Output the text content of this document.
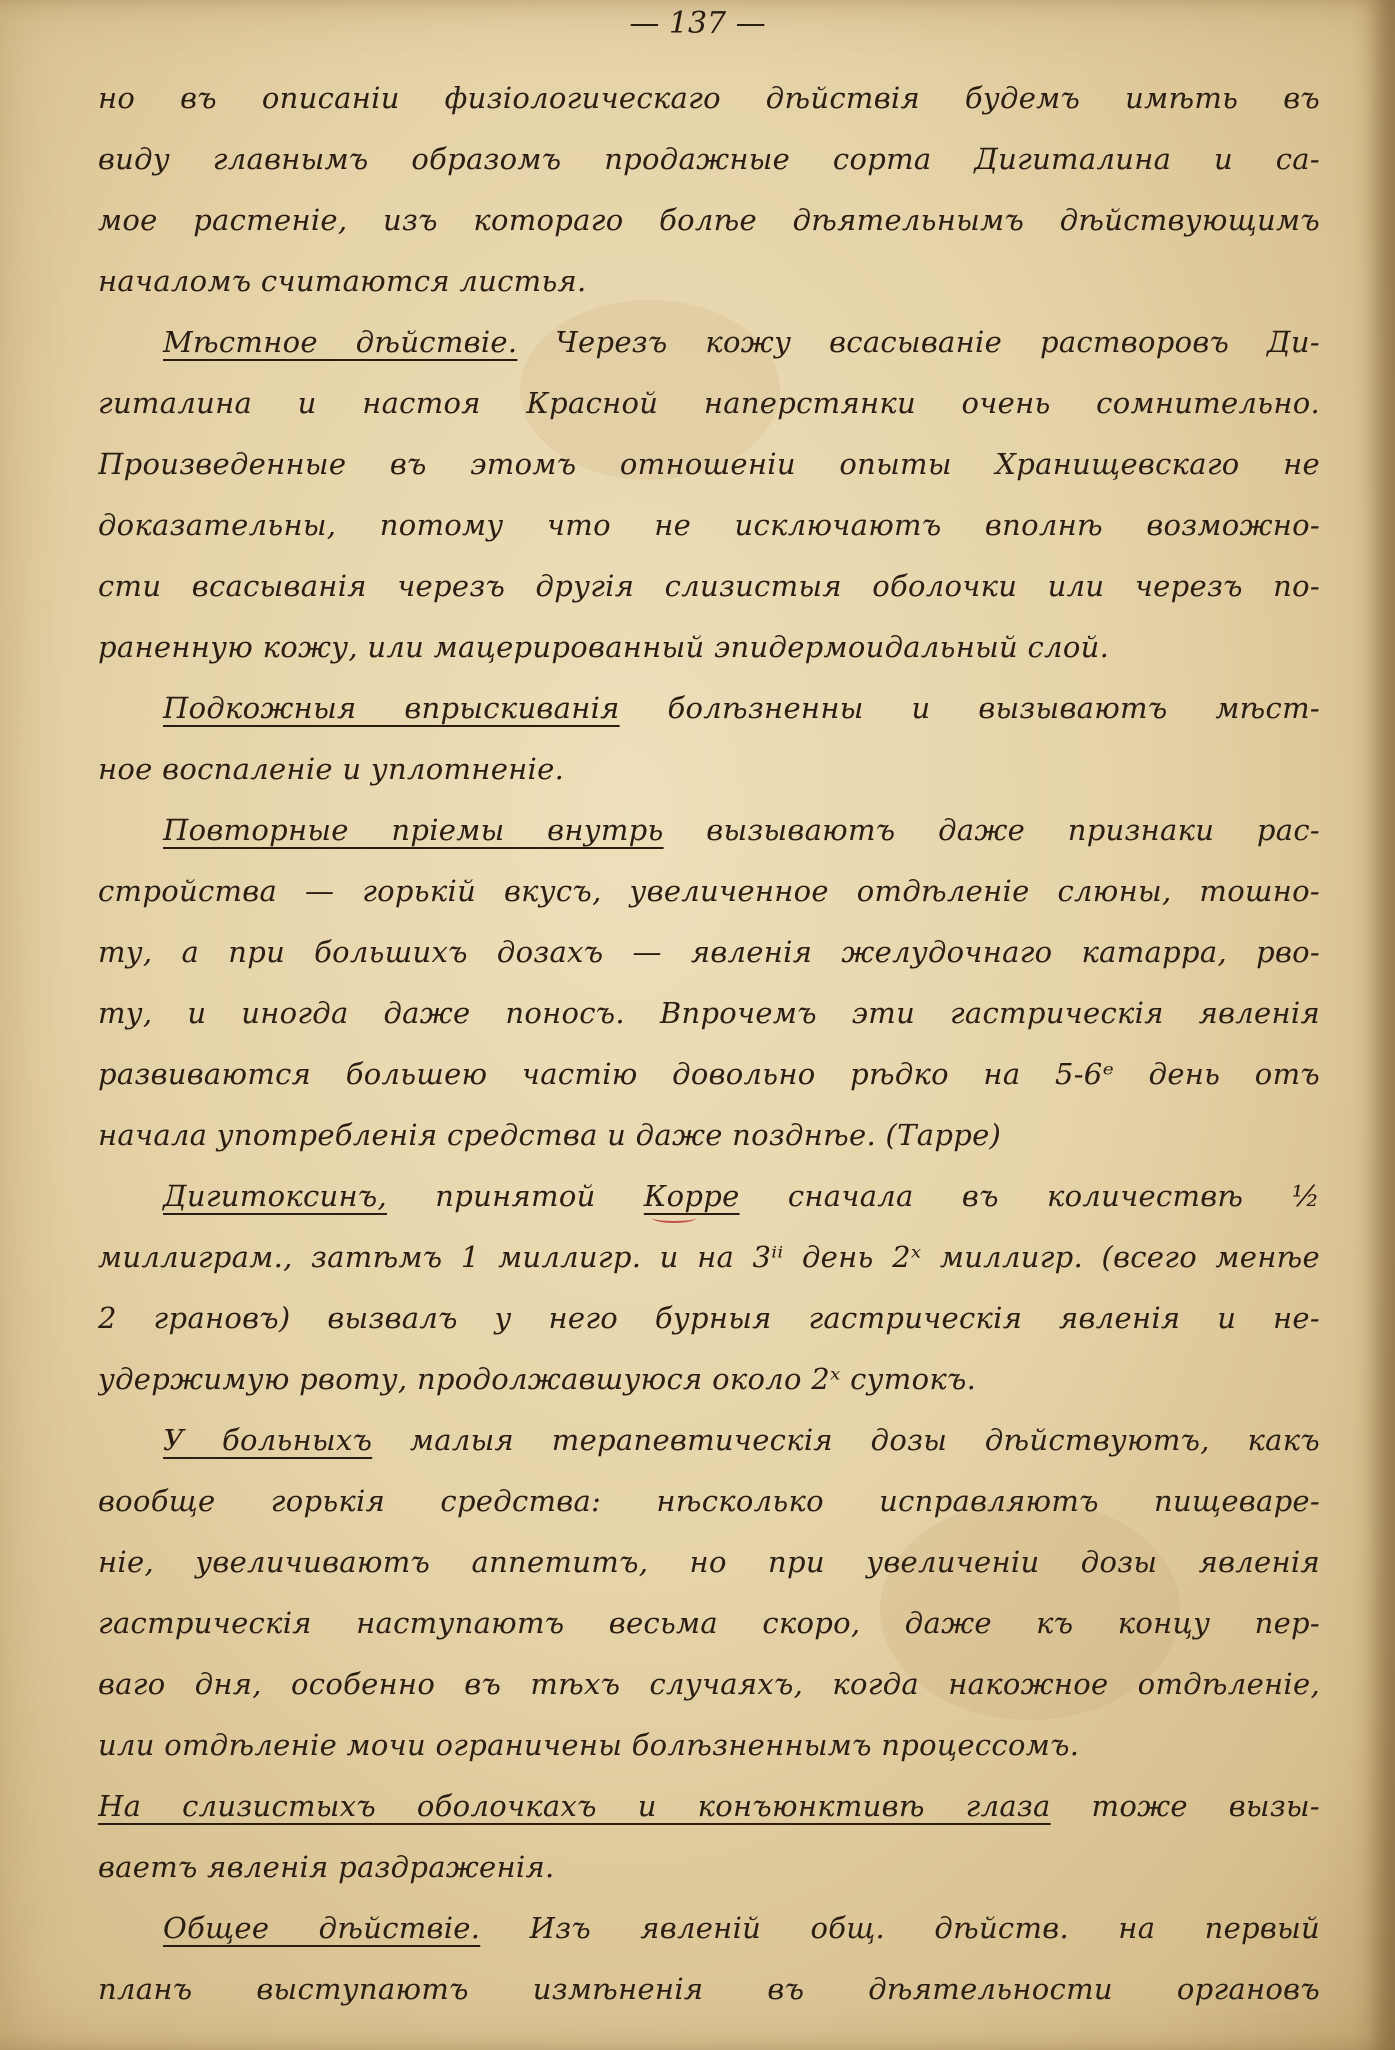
— 137 —
но въ описаніи физіологическаго дѣйствія будемъ имѣть въ
виду главнымъ образомъ продажные сорта Дигиталина и са-
мое растеніе, изъ котораго болѣе дѣятельнымъ дѣйствующимъ
началомъ считаются листья.
Мѣстное дѣйствіе. Черезъ кожу всасываніе растворовъ Ди-
гиталина и настоя Красной наперстянки очень сомнительно.
Произведенные въ этомъ отношеніи опыты Хранищевскаго не
доказательны, потому что не исключаютъ вполнѣ возможно-
сти всасыванія черезъ другія слизистыя оболочки или черезъ по-
раненную кожу, или мацерированный эпидермоидальный слой.
Подкожныя впрыскиванія болѣзненны и вызываютъ мѣст-
ное воспаленіе и уплотненіе.
Повторные пріемы внутрь вызываютъ даже признаки рас-
стройства — горькій вкусъ, увеличенное отдѣленіе слюны, тошно-
ту, а при большихъ дозахъ — явленія желудочнаго катарра, рво-
ту, и иногда даже поносъ. Впрочемъ эти гастрическія явленія
развиваются большею частію довольно рѣдко на 5-6ᵉ день отъ
начала употребленія средства и даже позднѣе. (Тарре)
Дигитоксинъ, принятой Корре сначала въ количествѣ ½
миллиграм., затѣмъ 1 миллигр. и на 3ⁱⁱ день 2ˣ миллигр. (всего менѣе
2 грановъ) вызвалъ у него бурныя гастрическія явленія и не-
удержимую рвоту, продолжавшуюся около 2ˣ сутокъ.
У больныхъ малыя терапевтическія дозы дѣйствуютъ, какъ
вообще горькія средства: нѣсколько исправляютъ пищеваре-
ніе, увеличиваютъ аппетитъ, но при увеличеніи дозы явленія
гастрическія наступаютъ весьма скоро, даже къ концу пер-
ваго дня, особенно въ тѣхъ случаяхъ, когда накожное отдѣленіе,
или отдѣленіе мочи ограничены болѣзненнымъ процессомъ.
На слизистыхъ оболочкахъ и конъюнктивѣ глаза тоже вызы-
ваетъ явленія раздраженія.
Общее дѣйствіе. Изъ явленій общ. дѣйств. на первый
планъ выступаютъ измѣненія въ дѣятельности органовъ
